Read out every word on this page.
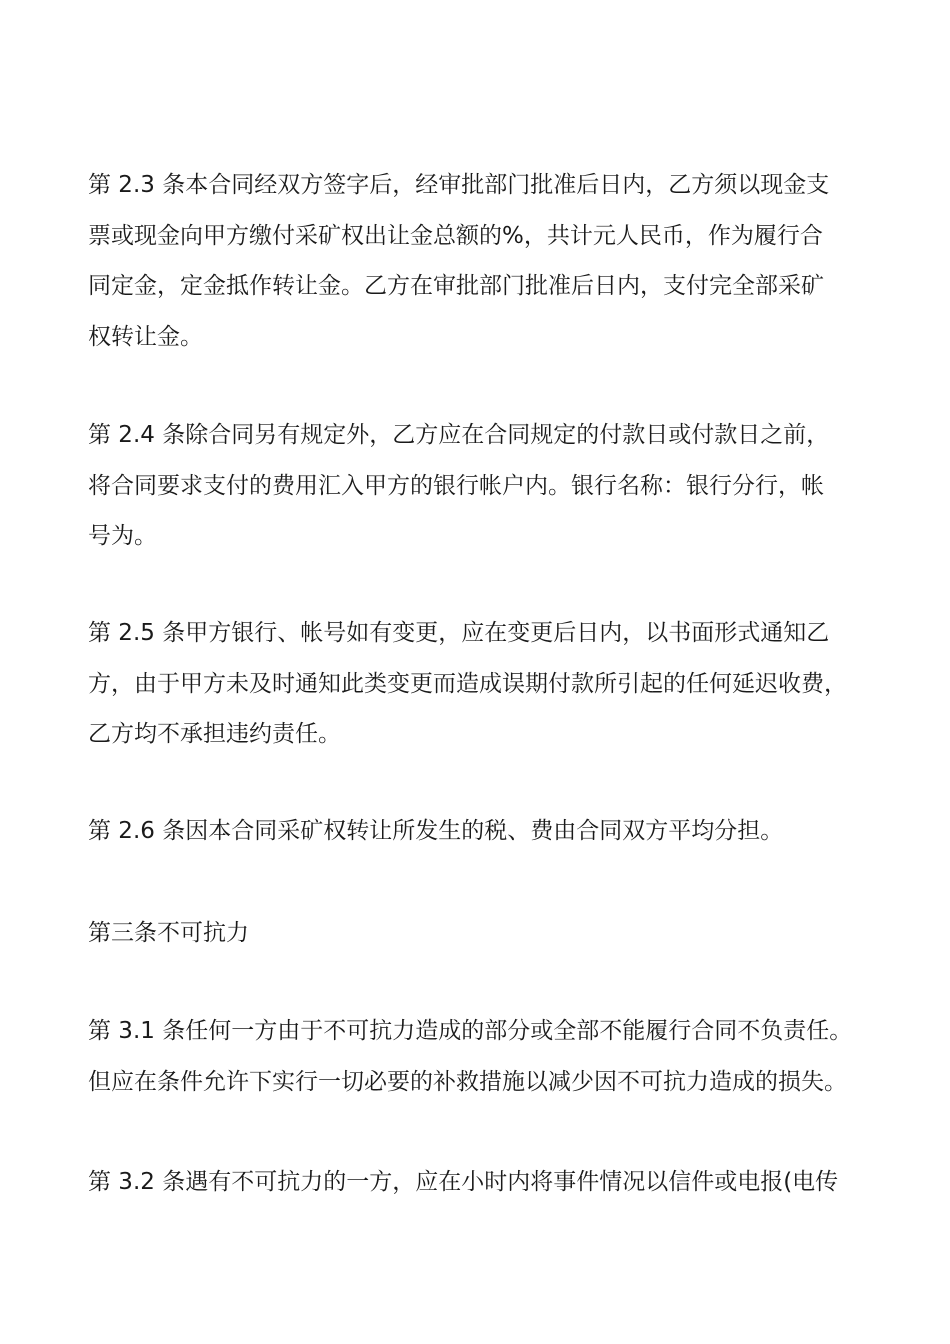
第 2.3 条本合同经双方签字后，经审批部门批准后日内，乙方须以现金支
票或现金向甲方缴付采矿权出让金总额的%，共计元人民币，作为履行合
同定金，定金抵作转让金。乙方在审批部门批准后日内，支付完全部采矿
权转让金。

第 2.4 条除合同另有规定外，乙方应在合同规定的付款日或付款日之前，
将合同要求支付的费用汇入甲方的银行帐户内。银行名称：银行分行，帐
号为。

第 2.5 条甲方银行、帐号如有变更，应在变更后日内，以书面形式通知乙
方，由于甲方未及时通知此类变更而造成误期付款所引起的任何延迟收费，
乙方均不承担违约责任。

第 2.6 条因本合同采矿权转让所发生的税、费由合同双方平均分担。

第三条不可抗力

第 3.1 条任何一方由于不可抗力造成的部分或全部不能履行合同不负责任。
但应在条件允许下实行一切必要的补救措施以减少因不可抗力造成的损失。

第 3.2 条遇有不可抗力的一方，应在小时内将事件情况以信件或电报(电传
